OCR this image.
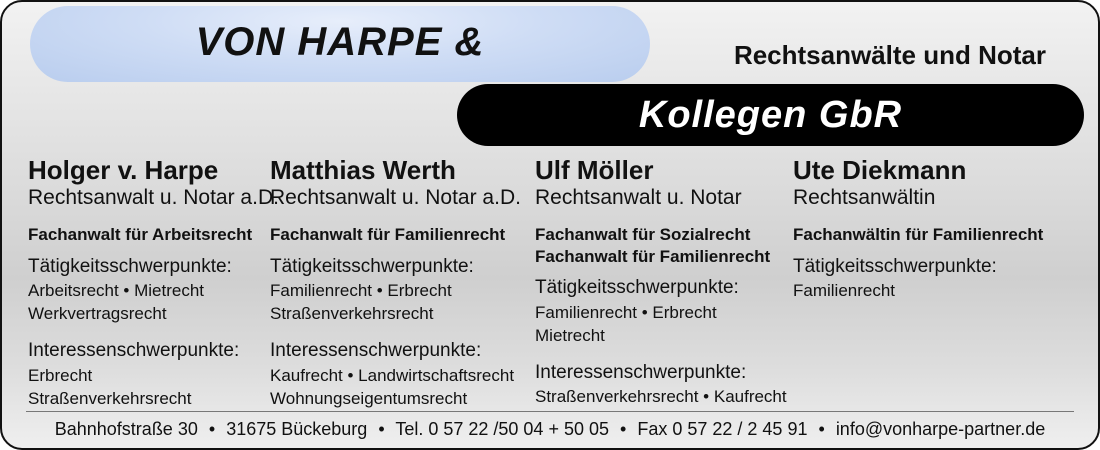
VON HARPE &	Rechtsanwälte und Notar
Kollegen GbR
Holger v. Harpe
Rechtsanwalt u. Notar a.D.
Fachanwalt für Arbeitsrecht
Tätigkeitsschwerpunkte:
Arbeitsrecht • Mietrecht
Werkvertragsrecht
Interessenschwerpunkte:
Erbrecht
Straßenverkehrsrecht
Matthias Werth
Rechtsanwalt u. Notar a.D.
Fachanwalt für Familienrecht
Tätigkeitsschwerpunkte:
Familienrecht • Erbrecht
Straßenverkehrsrecht
Interessenschwerpunkte:
Kaufrecht • Landwirtschaftsrecht
Wohnungseigentumsrecht
Ulf Möller
Rechtsanwalt u. Notar
Fachanwalt für Sozialrecht
Fachanwalt für Familienrecht
Tätigkeitsschwerpunkte:
Familienrecht • Erbrecht
Mietrecht
Interessenschwerpunkte:
Straßenverkehrsrecht • Kaufrecht
Ute Diekmann
Rechtsanwältin
Fachanwältin für Familienrecht
Tätigkeitsschwerpunkte:
Familienrecht
Bahnhofstraße 30 • 31675 Bückeburg • Tel. 0 57 22 /50 04 + 50 05 • Fax 0 57 22 / 2 45 91 • info@vonharpe-partner.de
